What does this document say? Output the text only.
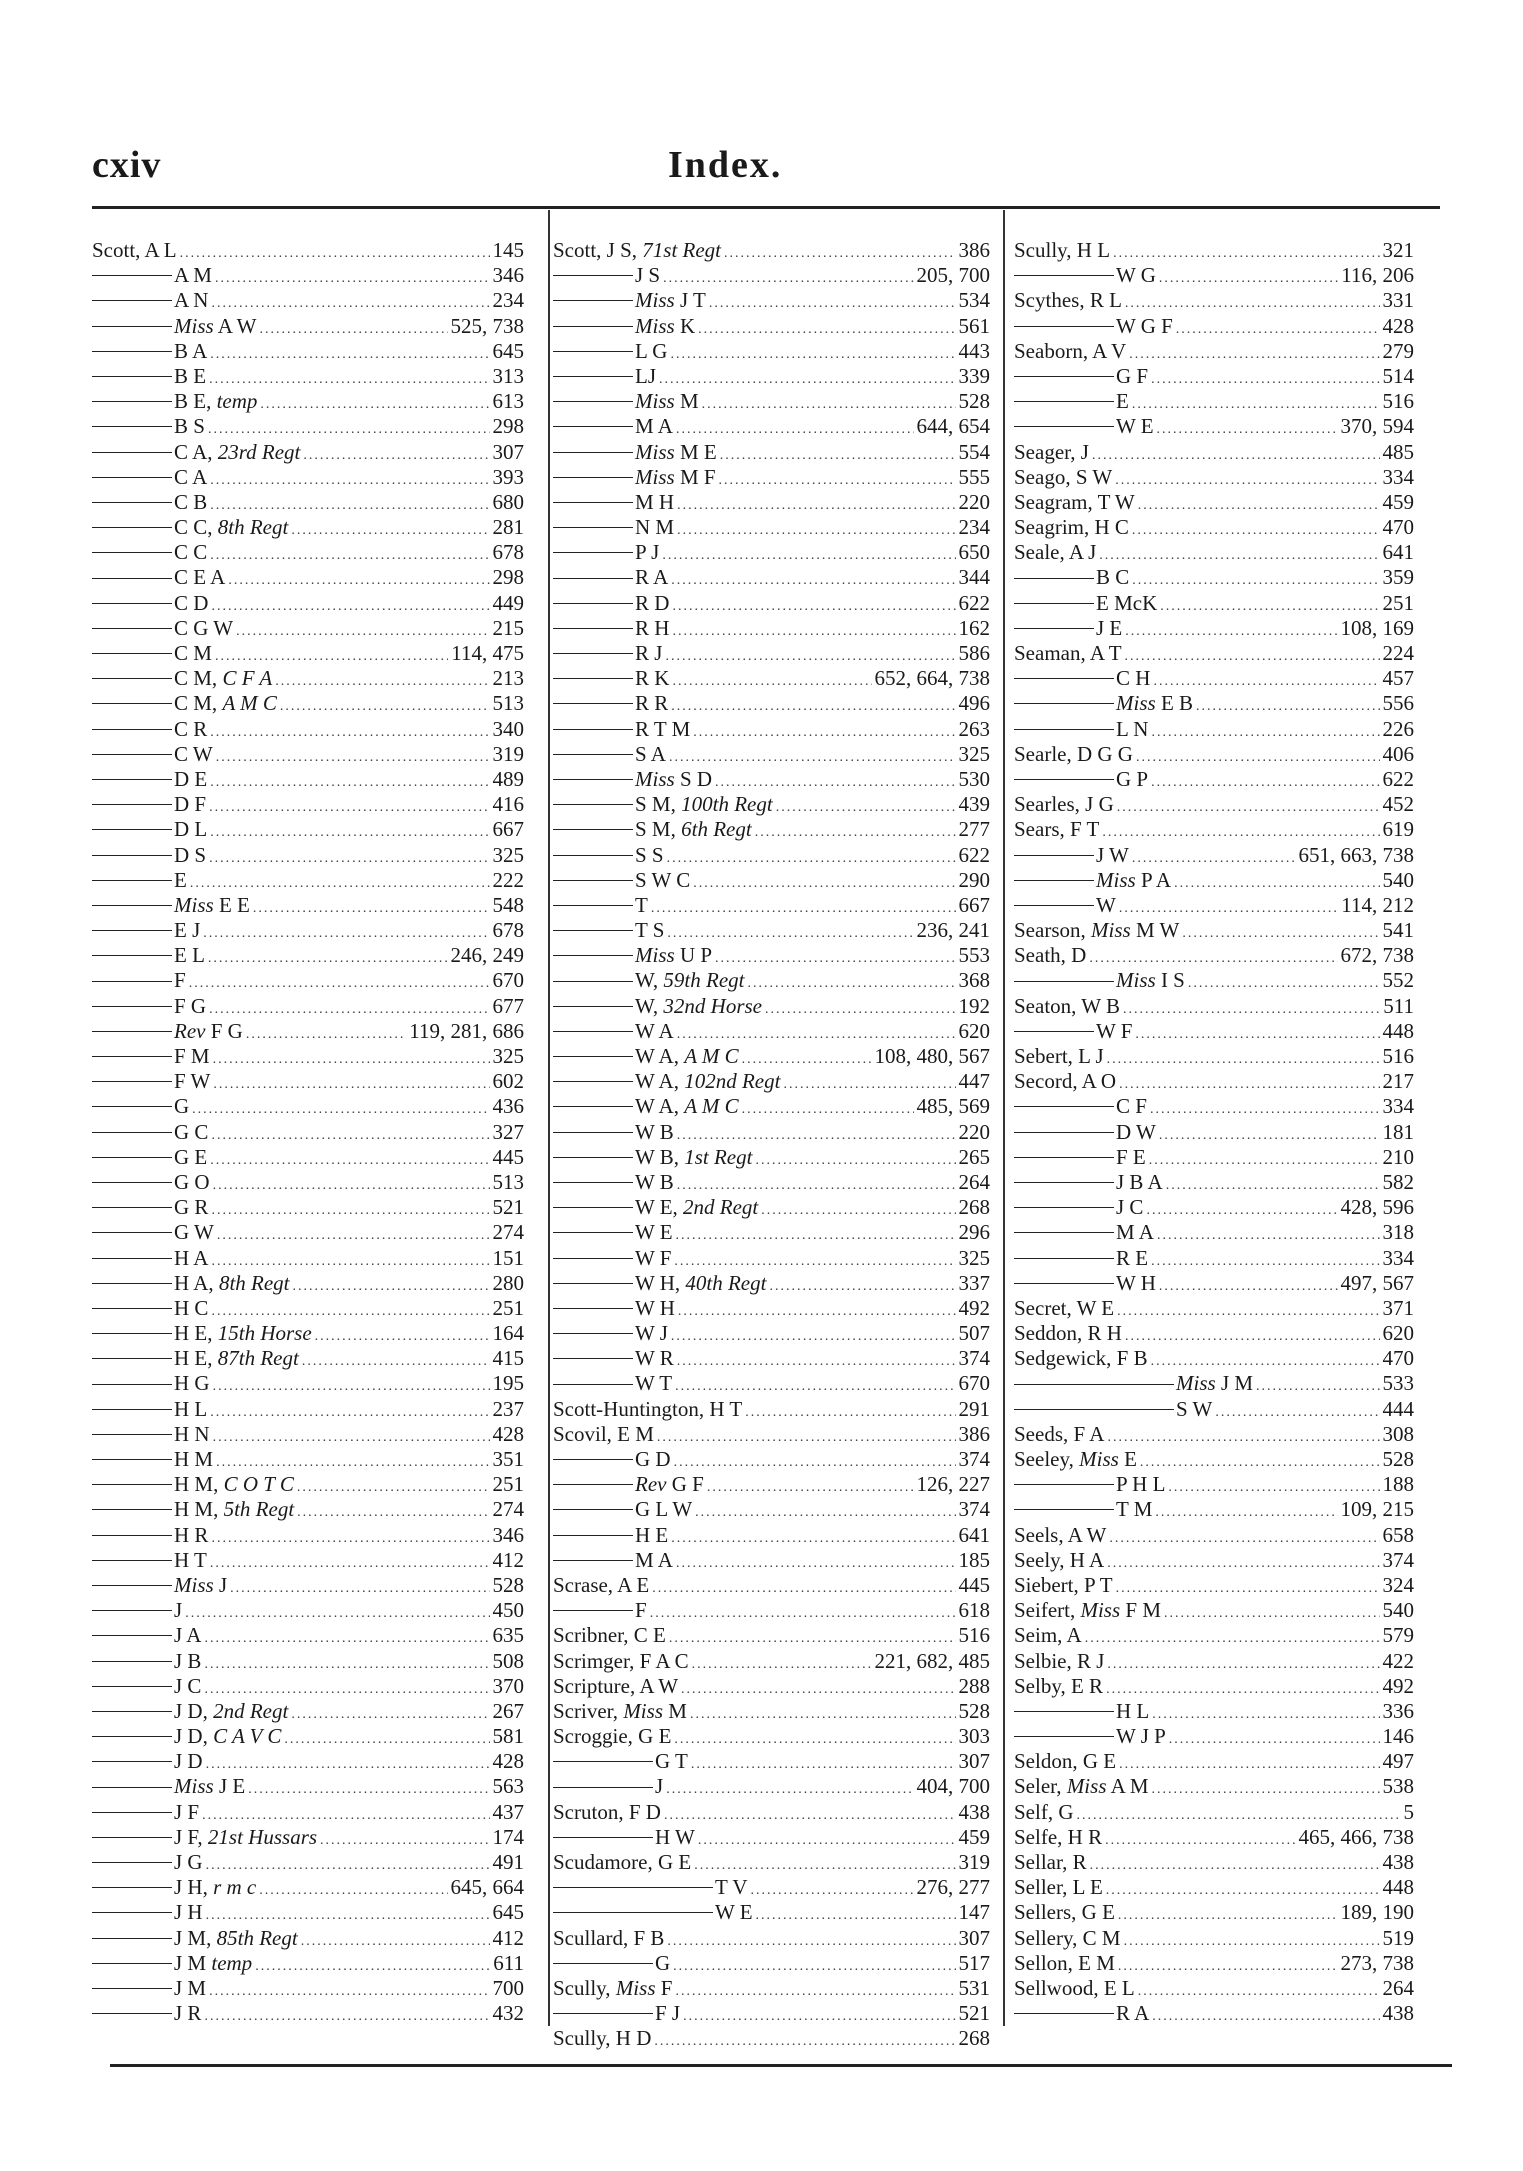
cxiv	Index.
Scott, A L .....	145
A M .....	346
A N .....	234
Miss A W .....	525, 738
B A .....	645
B E .....	313
B E, temp .....	613
B S .....	298
C A, 23rd Regt .....	307
C A .....	393
C B .....	680
C C, 8th Regt .....	281
C C .....	678
C E A .....	298
C D .....	449
C G W .....	215
C M .....	114, 475
C M, C F A .....	213
C M, A M C .....	513
C R .....	340
C W .....	319
D E .....	489
D F .....	416
D L .....	667
D S .....	325
E .....	222
Miss E E .....	548
E J .....	678
E L .....	246, 249
F .....	670
F G .....	677
Rev F G .....	119, 281, 686
F M .....	325
F W .....	602
G .....	436
G C .....	327
G E .....	445
G O .....	513
G R .....	521
G W .....	274
H A .....	151
H A, 8th Regt .....	280
H C .....	251
H E, 15th Horse .....	164
H E, 87th Regt .....	415
H G .....	195
H L .....	237
H N .....	428
H M .....	351
H M, C O T C .....	251
H M, 5th Regt .....	274
H R .....	346
H T .....	412
Miss J .....	528
J .....	450
J A .....	635
J B .....	508
J C .....	370
J D, 2nd Regt .....	267
J D, C A V C .....	581
J D .....	428
Miss J E .....	563
J F .....	437
J F, 21st Hussars .....	174
J G .....	491
J H, r m c .....	645, 664
J H .....	645
J M, 85th Regt .....	412
J M temp .....	611
J M .....	700
J R .....	432
Scott, J S, 71st Regt .....	386
J S .....	205, 700
Miss J T .....	534
Miss K .....	561
L G .....	443
LJ .....	339
Miss M .....	528
M A .....	644, 654
Miss M E .....	554
Miss M F .....	555
M H .....	220
N M .....	234
P J .....	650
R A .....	344
R D .....	622
R H .....	162
R J .....	586
R K .....	652, 664, 738
R R .....	496
R T M .....	263
S A .....	325
Miss S D .....	530
S M, 100th Regt .....	439
S M, 6th Regt .....	277
S S .....	622
S W C .....	290
T .....	667
T S .....	236, 241
Miss U P .....	553
W, 59th Regt .....	368
W, 32nd Horse .....	192
W A .....	620
W A, A M C .....	108, 480, 567
W A, 102nd Regt .....	447
W A, A M C .....	485, 569
W B .....	220
W B, 1st Regt .....	265
W B .....	264
W E, 2nd Regt .....	268
W E .....	296
W F .....	325
W H, 40th Regt .....	337
W H .....	492
W J .....	507
W R .....	374
W T .....	670
Scott-Huntington, H T .....	291
Scovil, E M .....	386
G D .....	374
Rev G F .....	126, 227
G L W .....	374
H E .....	641
M A .....	185
Scrase, A E .....	445
F .....	618
Scribner, C E .....	516
Scrimger, F A C .....	221, 682, 485
Scripture, A W .....	288
Scriver, Miss M .....	528
Scroggie, G E .....	303
G T .....	307
J .....	404, 700
Scruton, F D .....	438
H W .....	459
Scudamore, G E .....	319
T V .....	276, 277
W E .....	147
Scullard, F B .....	307
G .....	517
Scully, Miss F .....	531
F J .....	521
Scully, H D .....	268
Scully, H L .....	321
W G .....	116, 206
Scythes, R L .....	331
W G F .....	428
Seaborn, A V .....	279
G F .....	514
E .....	516
W E .....	370, 594
Seager, J .....	485
Seago, S W .....	334
Seagram, T W .....	459
Seagrim, H C .....	470
Seale, A J .....	641
B C .....	359
E McK .....	251
J E .....	108, 169
Seaman, A T .....	224
C H .....	457
Miss E B .....	556
L N .....	226
Searle, D G G .....	406
G P .....	622
Searles, J G .....	452
Sears, F T .....	619
J W .....	651, 663, 738
Miss P A .....	540
W .....	114, 212
Searson, Miss M W .....	541
Seath, D .....	672, 738
Miss I S .....	552
Seaton, W B .....	511
W F .....	448
Sebert, L J .....	516
Secord, A O .....	217
C F .....	334
D W .....	181
F E .....	210
J B A .....	582
J C .....	428, 596
M A .....	318
R E .....	334
W H .....	497, 567
Secret, W E .....	371
Seddon, R H .....	620
Sedgewick, F B .....	470
Miss J M .....	533
S W .....	444
Seeds, F A .....	308
Seeley, Miss E .....	528
P H L .....	188
T M .....	109, 215
Seels, A W .....	658
Seely, H A .....	374
Siebert, P T .....	324
Seifert, Miss F M .....	540
Seim, A .....	579
Selbie, R J .....	422
Selby, E R .....	492
H L .....	336
W J P .....	146
Seldon, G E .....	497
Seler, Miss A M .....	538
Self, G .....	5
Selfe, H R .....	465, 466, 738
Sellar, R .....	438
Seller, L E .....	448
Sellers, G E .....	189, 190
Sellery, C M .....	519
Sellon, E M .....	273, 738
Sellwood, E L .....	264
R A .....	438
